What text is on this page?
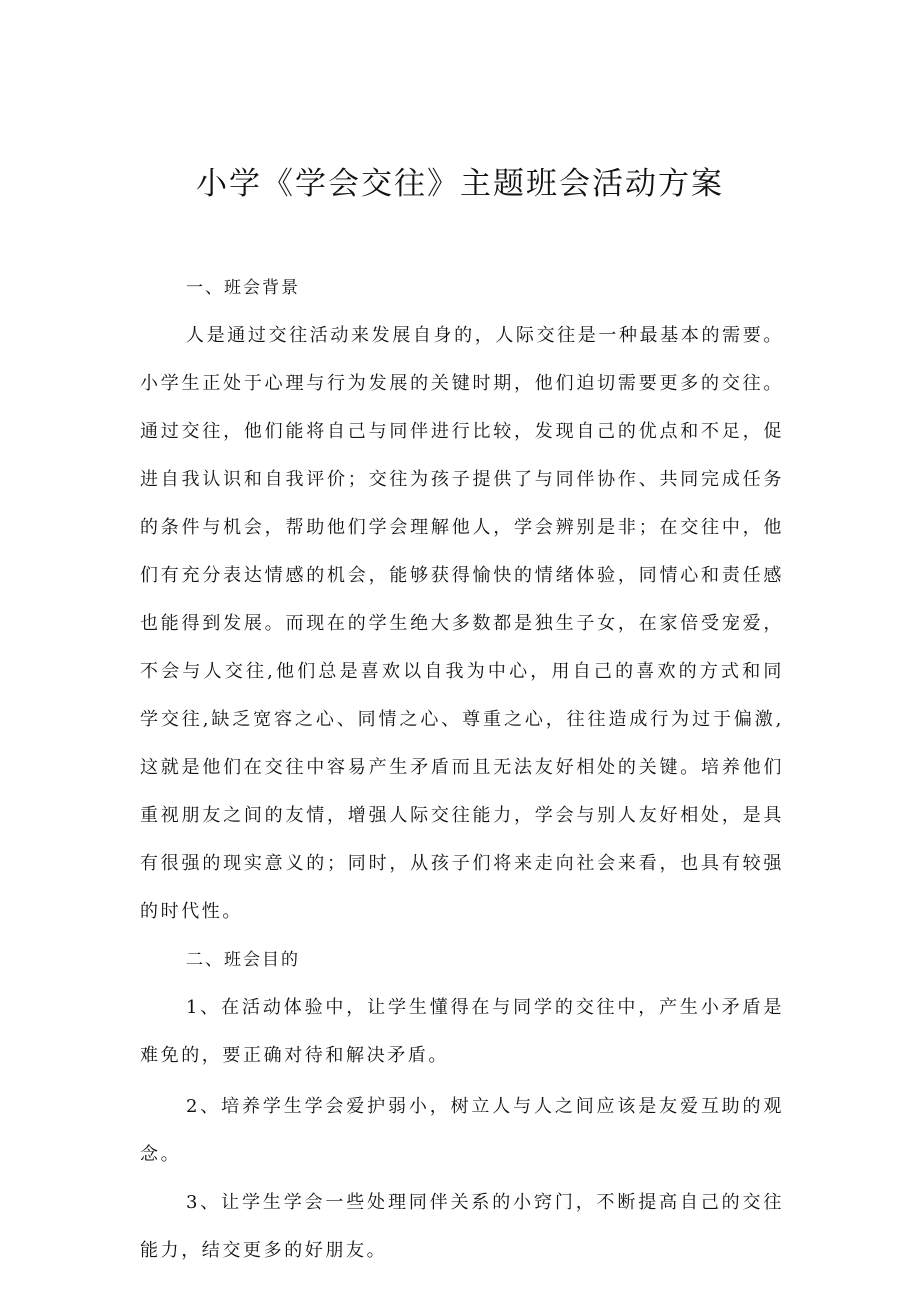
小学《学会交往》主题班会活动方案

一、班会背景

人是通过交往活动来发展自身的，人际交往是一种最基本的需要。小学生正处于心理与行为发展的关键时期，他们迫切需要更多的交往。通过交往，他们能将自己与同伴进行比较，发现自己的优点和不足，促进自我认识和自我评价；交往为孩子提供了与同伴协作、共同完成任务的条件与机会，帮助他们学会理解他人，学会辨别是非；在交往中，他们有充分表达情感的机会，能够获得愉快的情绪体验，同情心和责任感也能得到发展。而现在的学生绝大多数都是独生子女，在家倍受宠爱，不会与人交往,他们总是喜欢以自我为中心，用自己的喜欢的方式和同学交往,缺乏宽容之心、同情之心、尊重之心，往往造成行为过于偏激,这就是他们在交往中容易产生矛盾而且无法友好相处的关键。培养他们重视朋友之间的友情，增强人际交往能力，学会与别人友好相处，是具有很强的现实意义的；同时，从孩子们将来走向社会来看，也具有较强的时代性。

二、班会目的

1、在活动体验中，让学生懂得在与同学的交往中，产生小矛盾是难免的，要正确对待和解决矛盾。

2、培养学生学会爱护弱小，树立人与人之间应该是友爱互助的观念。

3、让学生学会一些处理同伴关系的小窍门，不断提高自己的交往能力，结交更多的好朋友。
